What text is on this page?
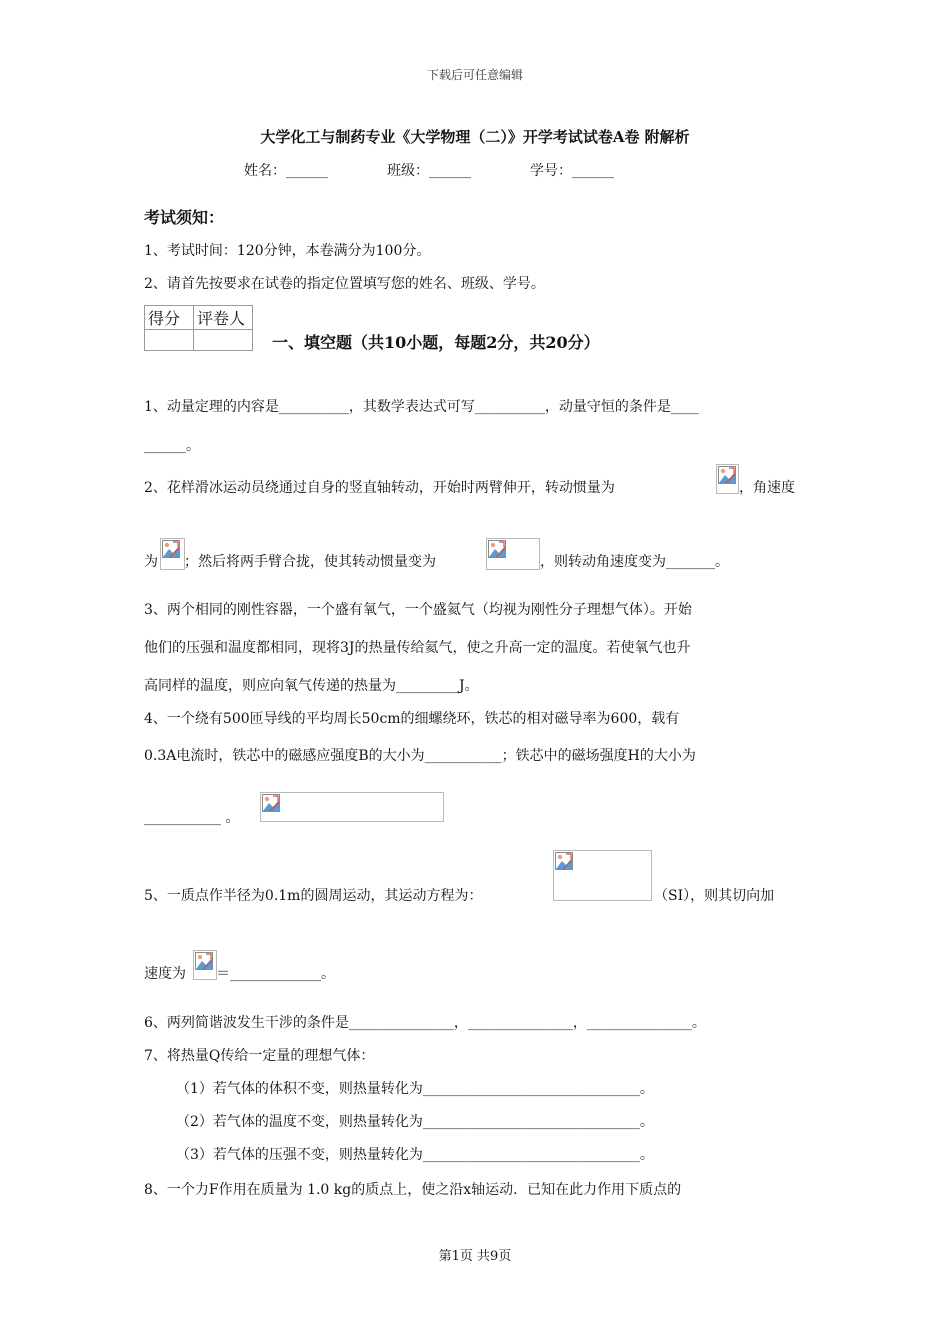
下载后可任意编辑
大学化工与制药专业《大学物理（二）》开学考试试卷A卷 附解析
姓名：______	班级：______	学号：______
考试须知：
1、考试时间：120分钟，本卷满分为100分。
2、请首先按要求在试卷的指定位置填写您的姓名、班级、学号。
得分	评卷人

一、填空题（共10小题，每题2分，共20分）
1、动量定理的内容是__________，其数学表达式可写__________，动量守恒的条件是____
______。
2、花样滑冰运动员绕通过自身的竖直轴转动，开始时两臂伸开，转动惯量为	，角速度
为 ；然后将两手臂合拢，使其转动惯量变为	，则转动角速度变为_______。
3、两个相同的刚性容器，一个盛有氧气，一个盛氦气（均视为刚性分子理想气体）。开始
他们的压强和温度都相同，现将3J的热量传给氦气，使之升高一定的温度。若使氧气也升
高同样的温度，则应向氧气传递的热量为_________J。
4、一个绕有500匝导线的平均周长50cm的细螺绕环，铁芯的相对磁导率为600，载有
0.3A电流时，铁芯中的磁感应强度B的大小为___________；铁芯中的磁场强度H的大小为
___________ 。
5、一质点作半径为0.1m的圆周运动，其运动方程为：	（SI），则其切向加
速度为 ＝_____________。
6、两列简谐波发生干涉的条件是_______________，_______________，_______________。
7、将热量Q传给一定量的理想气体：
（1）若气体的体积不变，则热量转化为_______________________________。
（2）若气体的温度不变，则热量转化为_______________________________。
（3）若气体的压强不变，则热量转化为_______________________________。
8、一个力F作用在质量为 1.0 kg的质点上，使之沿x轴运动．已知在此力作用下质点的
第1页 共9页
